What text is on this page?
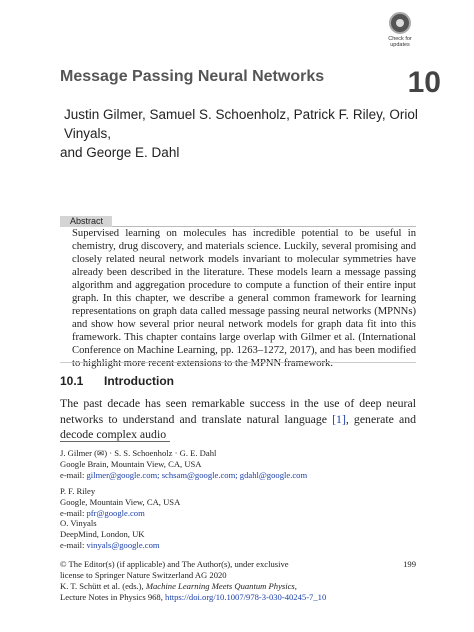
Check for
updates
Message Passing Neural Networks	10
Justin Gilmer, Samuel S. Schoenholz, Patrick F. Riley, Oriol Vinyals,
and George E. Dahl
Abstract
Supervised learning on molecules has incredible potential to be useful in chemistry, drug discovery, and materials science. Luckily, several promising and closely related neural network models invariant to molecular symmetries have already been described in the literature. These models learn a message passing algorithm and aggregation procedure to compute a function of their entire input graph. In this chapter, we describe a general common framework for learning representations on graph data called message passing neural networks (MPNNs) and show how several prior neural network models for graph data fit into this framework. This chapter contains large overlap with Gilmer et al. (International Conference on Machine Learning, pp. 1263–1272, 2017), and has been modified to highlight more recent extensions to the MPNN framework.
10.1 Introduction
The past decade has seen remarkable success in the use of deep neural networks to understand and translate natural language [1], generate and decode complex audio
J. Gilmer (✉) · S. S. Schoenholz · G. E. Dahl
Google Brain, Mountain View, CA, USA
e-mail: gilmer@google.com; schsam@google.com; gdahl@google.com
P. F. Riley
Google, Mountain View, CA, USA
e-mail: pfr@google.com
O. Vinyals
DeepMind, London, UK
e-mail: vinyals@google.com
© The Editor(s) (if applicable) and The Author(s), under exclusive
license to Springer Nature Switzerland AG 2020
K. T. Schütt et al. (eds.), Machine Learning Meets Quantum Physics,
Lecture Notes in Physics 968, https://doi.org/10.1007/978-3-030-40245-7_10
199
